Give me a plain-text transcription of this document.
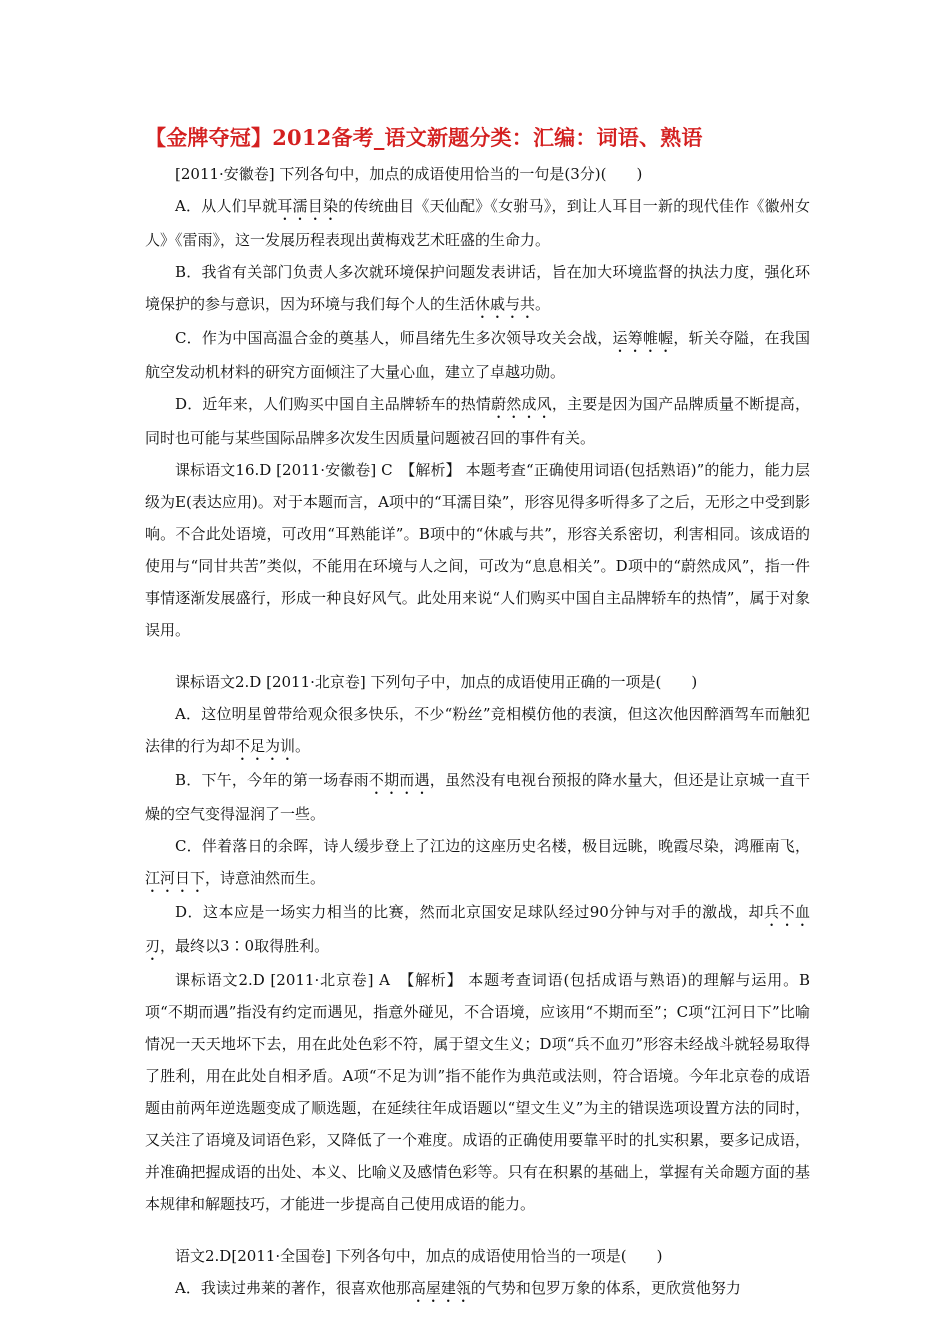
【金牌夺冠】2012备考_语文新题分类：汇编：词语、熟语

[2011·安徽卷] 下列各句中，加点的成语使用恰当的一句是(3分)(　　)

A．从人们早就耳濡目染的传统曲目《天仙配》《女驸马》，到让人耳目一新的现代佳作《徽州女人》《雷雨》，这一发展历程表现出黄梅戏艺术旺盛的生命力。

B．我省有关部门负责人多次就环境保护问题发表讲话，旨在加大环境监督的执法力度，强化环境保护的参与意识，因为环境与我们每个人的生活休戚与共。

C．作为中国高温合金的奠基人，师昌绪先生多次领导攻关会战，运筹帷幄，斩关夺隘，在我国航空发动机材料的研究方面倾注了大量心血，建立了卓越功勋。

D．近年来，人们购买中国自主品牌轿车的热情蔚然成风，主要是因为国产品牌质量不断提高，同时也可能与某些国际品牌多次发生因质量问题被召回的事件有关。

课标语文16.D [2011·安徽卷] C　【解析】 本题考查“正确使用词语(包括熟语)”的能力，能力层级为E(表达应用)。对于本题而言，A项中的“耳濡目染”，形容见得多听得多了之后，无形之中受到影响。不合此处语境，可改用“耳熟能详”。B项中的“休戚与共”，形容关系密切，利害相同。该成语的使用与“同甘共苦”类似，不能用在环境与人之间，可改为“息息相关”。D项中的“蔚然成风”，指一件事情逐渐发展盛行，形成一种良好风气。此处用来说“人们购买中国自主品牌轿车的热情”，属于对象误用。

课标语文2.D [2011·北京卷] 下列句子中，加点的成语使用正确的一项是(　　)

A．这位明星曾带给观众很多快乐，不少“粉丝”竞相模仿他的表演，但这次他因醉酒驾车而触犯法律的行为却不足为训。

B．下午，今年的第一场春雨不期而遇，虽然没有电视台预报的降水量大，但还是让京城一直干燥的空气变得湿润了一些。

C．伴着落日的余晖，诗人缓步登上了江边的这座历史名楼，极目远眺，晚霞尽染，鸿雁南飞，江河日下，诗意油然而生。

D．这本应是一场实力相当的比赛，然而北京国安足球队经过90分钟与对手的激战，却兵不血刃，最终以3∶0取得胜利。

课标语文2.D [2011·北京卷] A　【解析】 本题考查词语(包括成语与熟语)的理解与运用。B项“不期而遇”指没有约定而遇见，指意外碰见，不合语境，应该用“不期而至”；C项“江河日下”比喻情况一天天地坏下去，用在此处色彩不符，属于望文生义；D项“兵不血刃”形容未经战斗就轻易取得了胜利，用在此处自相矛盾。A项“不足为训”指不能作为典范或法则，符合语境。今年北京卷的成语题由前两年逆选题变成了顺选题，在延续往年成语题以“望文生义”为主的错误选项设置方法的同时，又关注了语境及词语色彩，又降低了一个难度。成语的正确使用要靠平时的扎实积累，要多记成语，并准确把握成语的出处、本义、比喻义及感情色彩等。只有在积累的基础上，掌握有关命题方面的基本规律和解题技巧，才能进一步提高自己使用成语的能力。

语文2.D[2011·全国卷] 下列各句中，加点的成语使用恰当的一项是(　　)

A．我读过弗莱的著作，很喜欢他那高屋建瓴的气势和包罗万象的体系，更欣赏他努力
